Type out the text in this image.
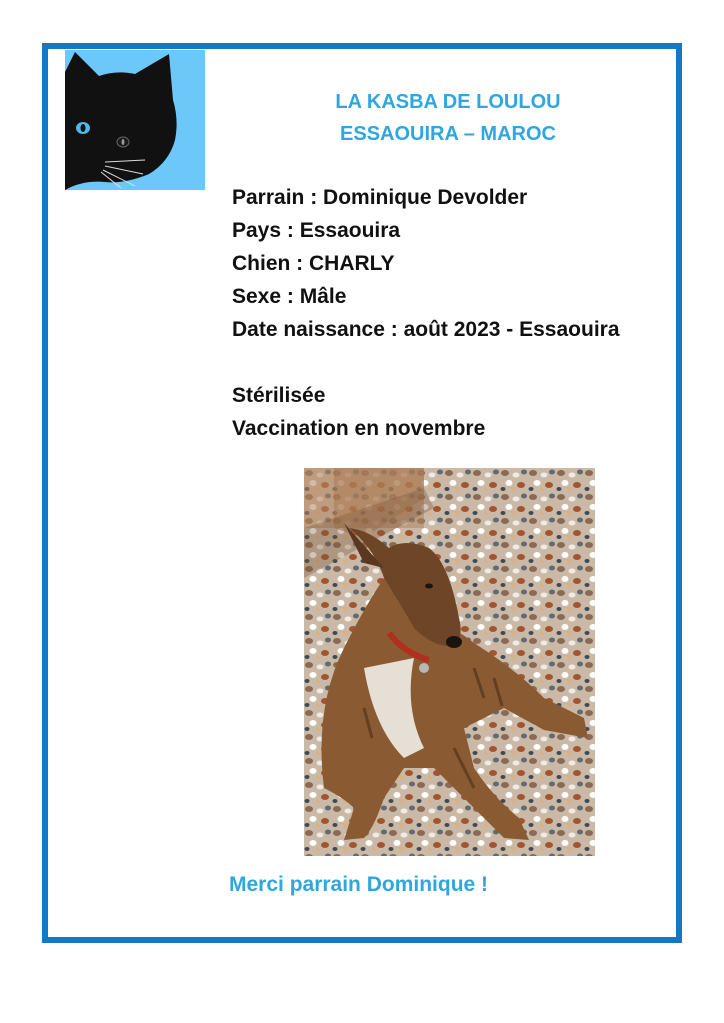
LA KASBA DE LOULOU
ESSAOUIRA – MAROC
Parrain : Dominique Devolder
Pays : Essaouira
Chien : CHARLY
Sexe : Mâle
Date naissance : août 2023 - Essaouira
Stérilisée
Vaccination en novembre
Merci parrain Dominique !
